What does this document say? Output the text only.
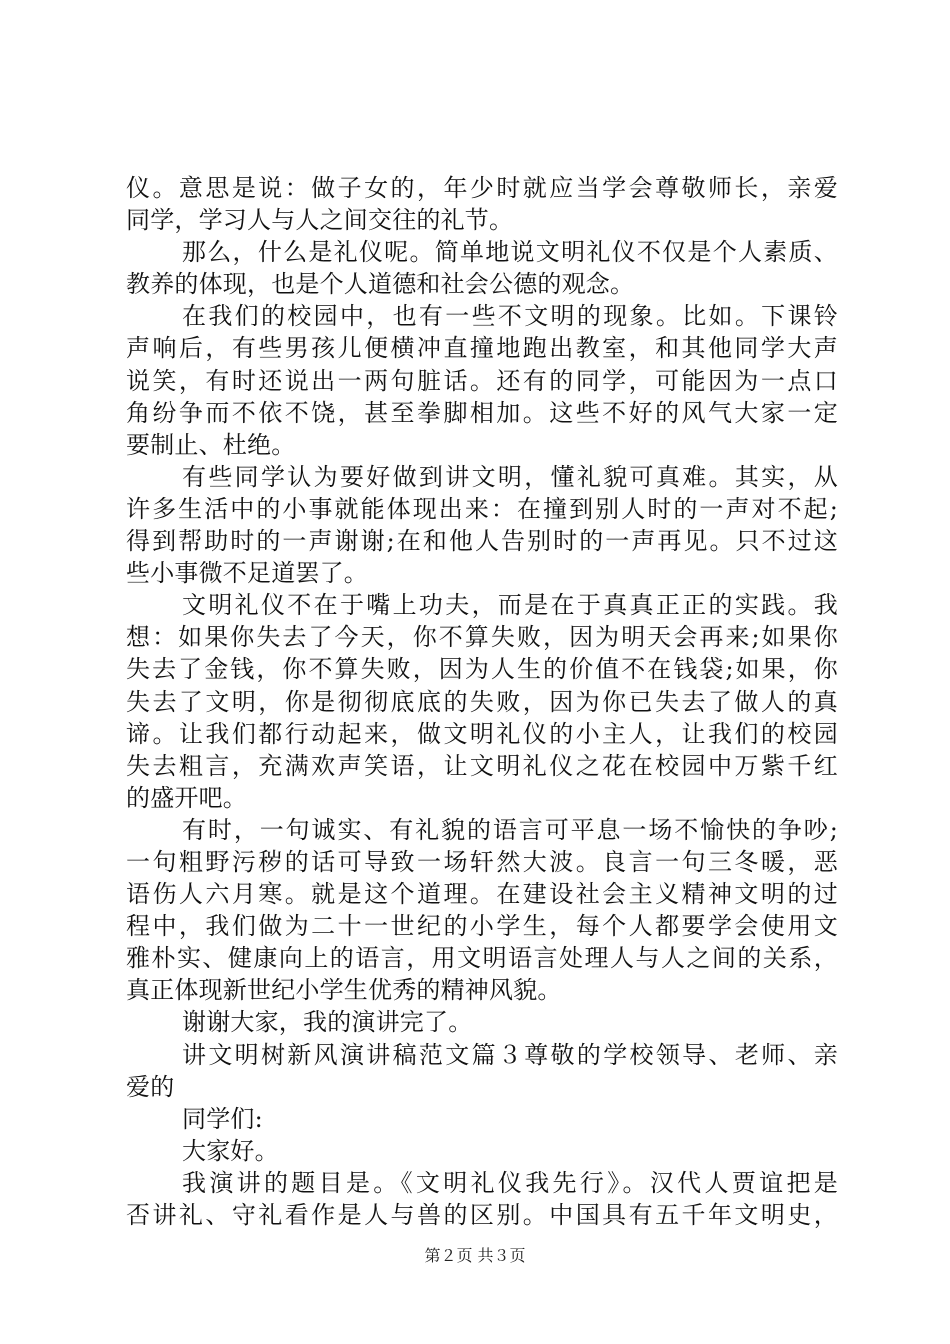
仪。意思是说：做子女的，年少时就应当学会尊敬师长，亲爱
同学，学习人与人之间交往的礼节。
那么，什么是礼仪呢。简单地说文明礼仪不仅是个人素质、
教养的体现，也是个人道德和社会公德的观念。
在我们的校园中，也有一些不文明的现象。比如。下课铃
声响后，有些男孩儿便横冲直撞地跑出教室，和其他同学大声
说笑，有时还说出一两句脏话。还有的同学，可能因为一点口
角纷争而不依不饶，甚至拳脚相加。这些不好的风气大家一定
要制止、杜绝。
有些同学认为要好做到讲文明，懂礼貌可真难。其实，从
许多生活中的小事就能体现出来：在撞到别人时的一声对不起;
得到帮助时的一声谢谢;在和他人告别时的一声再见。只不过这
些小事微不足道罢了。
文明礼仪不在于嘴上功夫，而是在于真真正正的实践。我
想：如果你失去了今天，你不算失败，因为明天会再来;如果你
失去了金钱，你不算失败，因为人生的价值不在钱袋;如果，你
失去了文明，你是彻彻底底的失败，因为你已失去了做人的真
谛。让我们都行动起来，做文明礼仪的小主人，让我们的校园
失去粗言，充满欢声笑语，让文明礼仪之花在校园中万紫千红
的盛开吧。
有时，一句诚实、有礼貌的语言可平息一场不愉快的争吵;
一句粗野污秽的话可导致一场轩然大波。良言一句三冬暖，恶
语伤人六月寒。就是这个道理。在建设社会主义精神文明的过
程中，我们做为二十一世纪的小学生，每个人都要学会使用文
雅朴实、健康向上的语言，用文明语言处理人与人之间的关系，
真正体现新世纪小学生优秀的精神风貌。
谢谢大家，我的演讲完了。
讲文明树新风演讲稿范文篇３尊敬的学校领导、老师、亲
爱的
同学们:
大家好。
我演讲的题目是。《文明礼仪我先行》。汉代人贾谊把是
否讲礼、守礼看作是人与兽的区别。中国具有五千年文明史，
第２页 共３页
